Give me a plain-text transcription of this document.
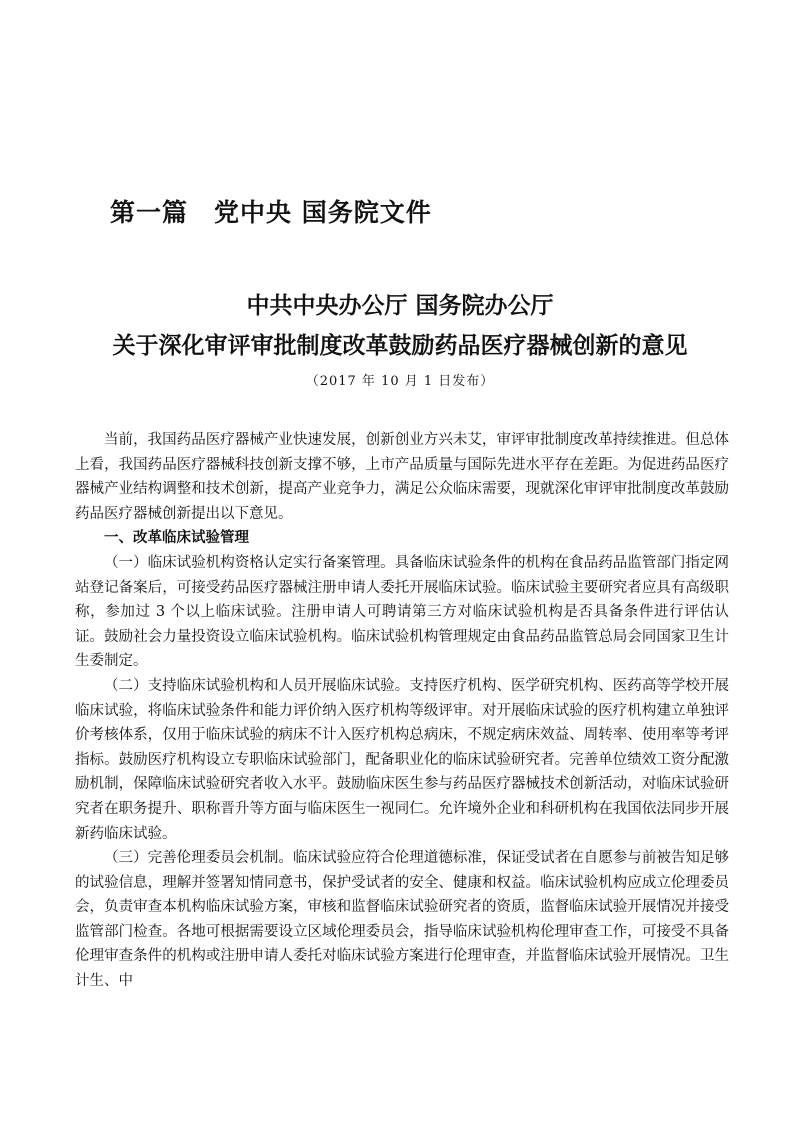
第一篇　党中央 国务院文件
中共中央办公厅 国务院办公厅
关于深化审评审批制度改革鼓励药品医疗器械创新的意见

（2017 年 10 月 1 日发布）

当前，我国药品医疗器械产业快速发展，创新创业方兴未艾，审评审批制度改革持续推进。但总体上看，我国药品医疗器械科技创新支撑不够，上市产品质量与国际先进水平存在差距。为促进药品医疗器械产业结构调整和技术创新，提高产业竞争力，满足公众临床需要，现就深化审评审批制度改革鼓励药品医疗器械创新提出以下意见。

一、改革临床试验管理

（一）临床试验机构资格认定实行备案管理。具备临床试验条件的机构在食品药品监管部门指定网站登记备案后，可接受药品医疗器械注册申请人委托开展临床试验。临床试验主要研究者应具有高级职称，参加过 3 个以上临床试验。注册申请人可聘请第三方对临床试验机构是否具备条件进行评估认证。鼓励社会力量投资设立临床试验机构。临床试验机构管理规定由食品药品监管总局会同国家卫生计生委制定。

（二）支持临床试验机构和人员开展临床试验。支持医疗机构、医学研究机构、医药高等学校开展临床试验，将临床试验条件和能力评价纳入医疗机构等级评审。对开展临床试验的医疗机构建立单独评价考核体系，仅用于临床试验的病床不计入医疗机构总病床，不规定病床效益、周转率、使用率等考评指标。鼓励医疗机构设立专职临床试验部门，配备职业化的临床试验研究者。完善单位绩效工资分配激励机制，保障临床试验研究者收入水平。鼓励临床医生参与药品医疗器械技术创新活动，对临床试验研究者在职务提升、职称晋升等方面与临床医生一视同仁。允许境外企业和科研机构在我国依法同步开展新药临床试验。

（三）完善伦理委员会机制。临床试验应符合伦理道德标准，保证受试者在自愿参与前被告知足够的试验信息，理解并签署知情同意书，保护受试者的安全、健康和权益。临床试验机构应成立伦理委员会，负责审查本机构临床试验方案，审核和监督临床试验研究者的资质，监督临床试验开展情况并接受监管部门检查。各地可根据需要设立区域伦理委员会，指导临床试验机构伦理审查工作，可接受不具备伦理审查条件的机构或注册申请人委托对临床试验方案进行伦理审查，并监督临床试验开展情况。卫生计生、中
